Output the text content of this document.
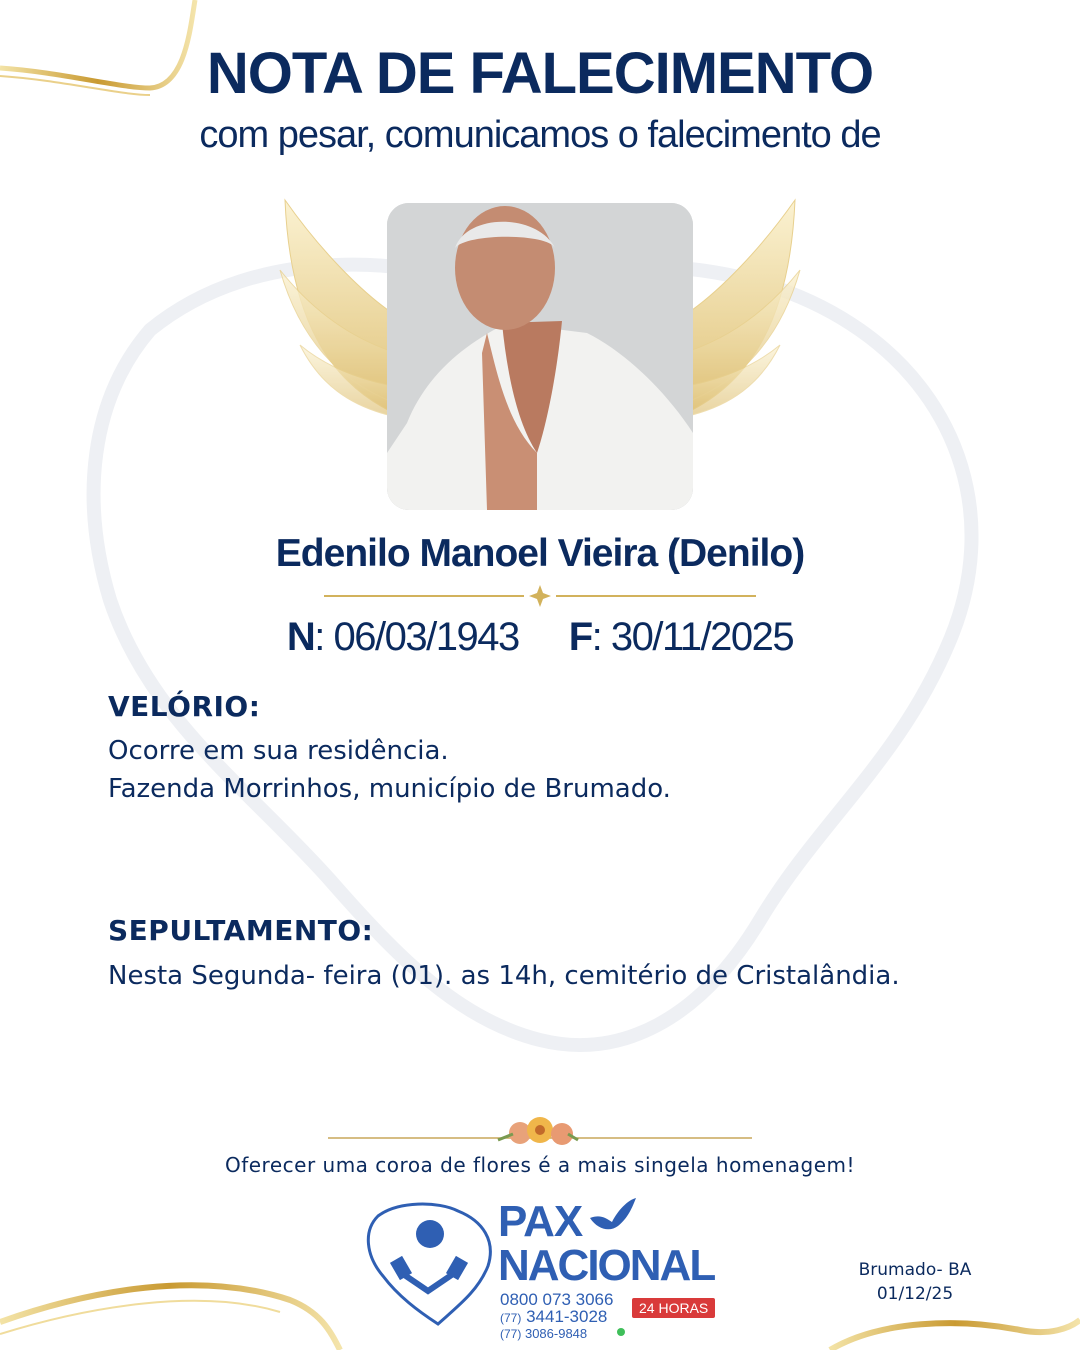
NOTA DE FALECIMENTO
com pesar, comunicamos o falecimento de
Edenilo Manoel Vieira (Denilo)
N: 06/03/1943 F: 30/11/2025
VELÓRIO:
Ocorre em sua residência.
Fazenda Morrinhos, município de Brumado.
SEPULTAMENTO:
Nesta Segunda- feira (01). as 14h, cemitério de Cristalândia.
Oferecer uma coroa de flores é a mais singela homenagem!
PAX
NACIONAL
0800 073 3066	24 HORAS
(77) 3441-3028
(77) 3086-9848
Brumado- BA
01/12/25
